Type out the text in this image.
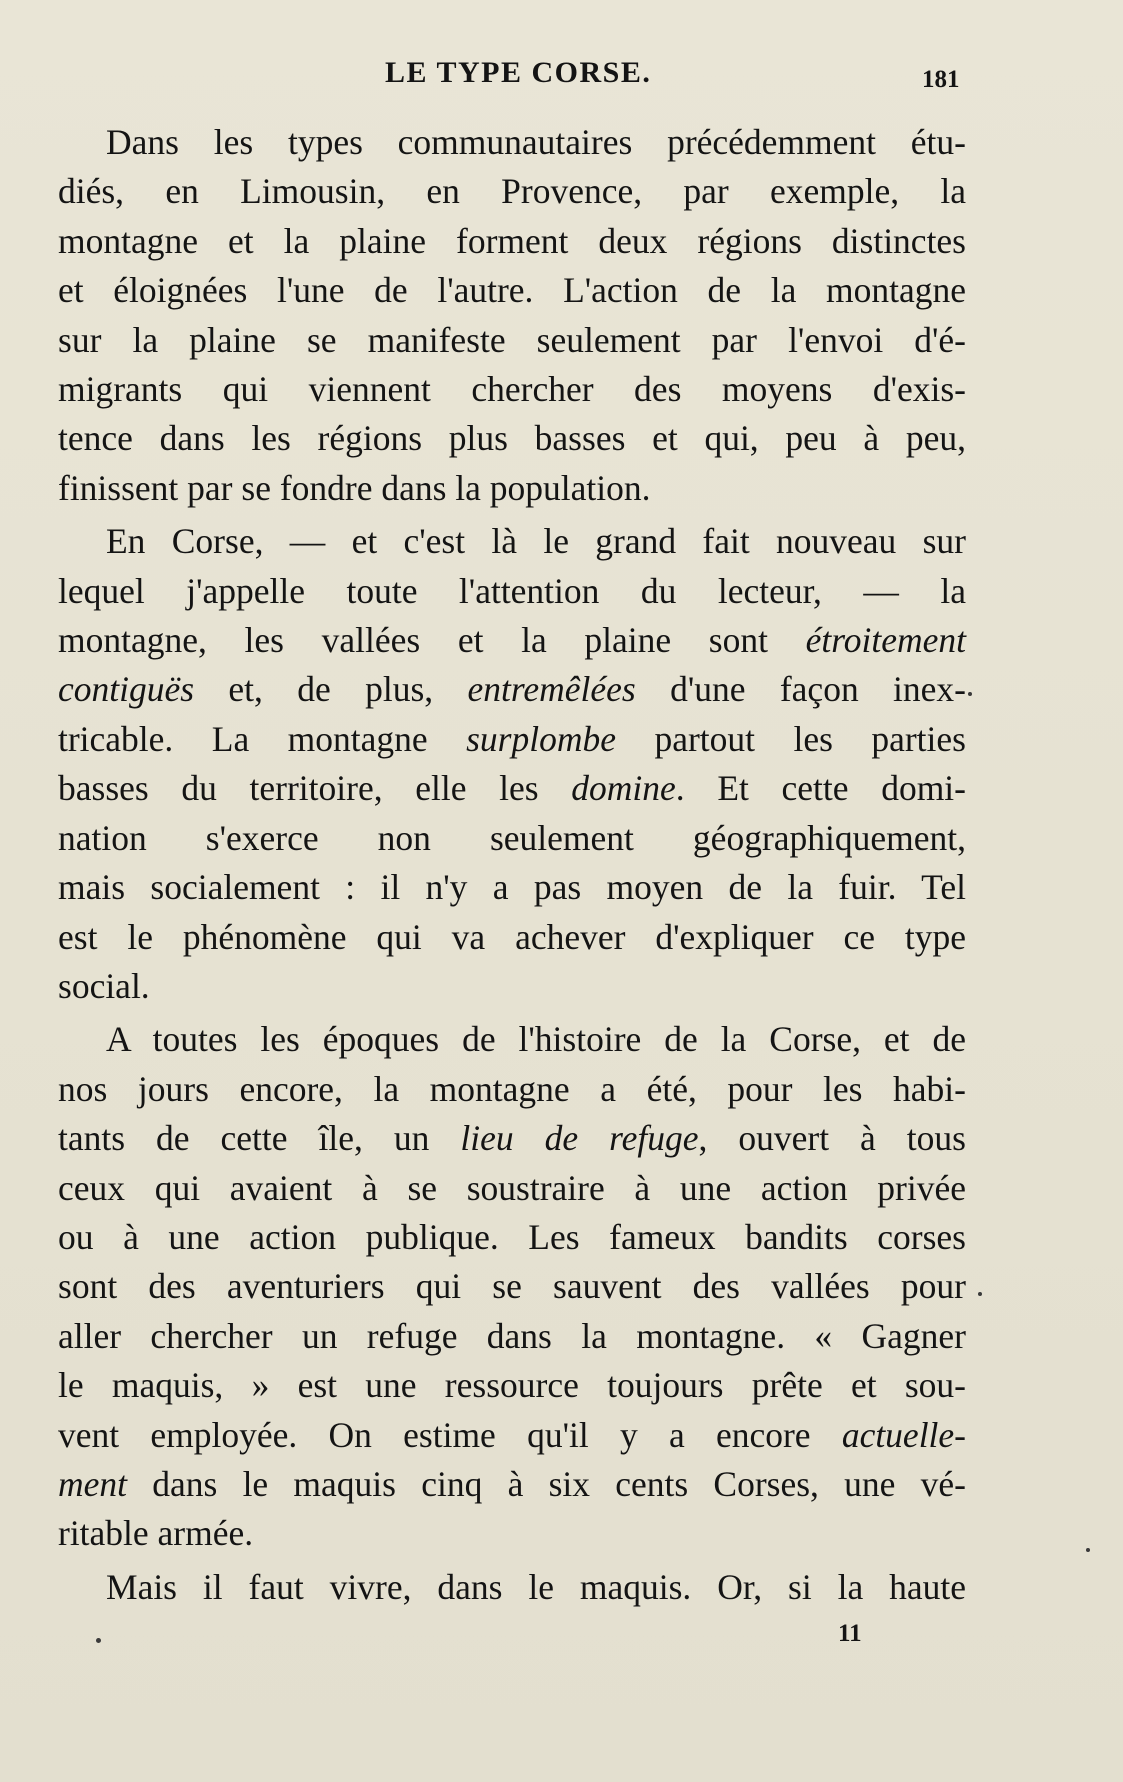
LE TYPE CORSE.	181
Dans les types communautaires précédemment étu-
diés, en Limousin, en Provence, par exemple, la
montagne et la plaine forment deux régions distinctes
et éloignées l'une de l'autre. L'action de la montagne
sur la plaine se manifeste seulement par l'envoi d'é-
migrants qui viennent chercher des moyens d'exis-
tence dans les régions plus basses et qui, peu à peu,
finissent par se fondre dans la population.
En Corse, — et c'est là le grand fait nouveau sur
lequel j'appelle toute l'attention du lecteur, — la
montagne, les vallées et la plaine sont étroitement
contiguës et, de plus, entremêlées d'une façon inex-
tricable. La montagne surplombe partout les parties
basses du territoire, elle les domine. Et cette domi-
nation s'exerce non seulement géographiquement,
mais socialement : il n'y a pas moyen de la fuir. Tel
est le phénomène qui va achever d'expliquer ce type
social.
A toutes les époques de l'histoire de la Corse, et de
nos jours encore, la montagne a été, pour les habi-
tants de cette île, un lieu de refuge, ouvert à tous
ceux qui avaient à se soustraire à une action privée
ou à une action publique. Les fameux bandits corses
sont des aventuriers qui se sauvent des vallées pour
aller chercher un refuge dans la montagne. « Gagner
le maquis, » est une ressource toujours prête et sou-
vent employée. On estime qu'il y a encore actuelle-
ment dans le maquis cinq à six cents Corses, une vé-
ritable armée.
Mais il faut vivre, dans le maquis. Or, si la haute
11
